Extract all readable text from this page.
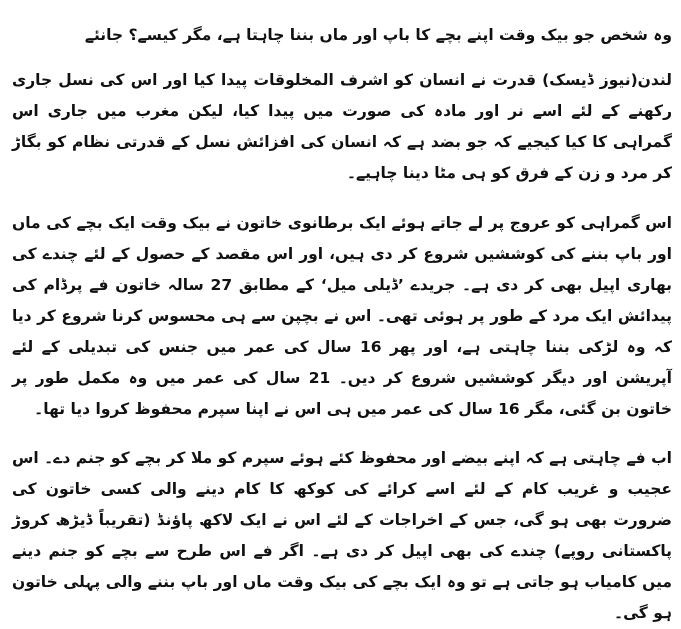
وہ شخص جو بیک وقت اپنے بچے کا باپ اور ماں بننا چاہتا ہے، مگر کیسے؟ جانئے

لندن(نیوز ڈیسک) قدرت نے انسان کو اشرف المخلوقات پیدا کیا اور اس کی نسل جاری رکھنے کے لئے اسے نر اور مادہ کی صورت میں پیدا کیا، لیکن مغرب میں جاری اس گمراہی کا کیا کیجیے کہ جو بضد ہے کہ انسان کی افزائش نسل کے قدرتی نظام کو بگاڑ کر مرد و زن کے فرق کو ہی مٹا دینا چاہیے۔

اس گمراہی کو عروج پر لے جاتے ہوئے ایک برطانوی خاتون نے بیک وقت ایک بچے کی ماں اور باپ بننے کی کوششیں شروع کر دی ہیں، اور اس مقصد کے حصول کے لئے چندے کی بھاری اپیل بھی کر دی ہے۔ جریدے ’ڈیلی میل‘ کے مطابق 27 سالہ خاتون فے پرڈام کی پیدائش ایک مرد کے طور پر ہوئی تھی۔ اس نے بچپن سے ہی محسوس کرنا شروع کر دیا کہ وہ لڑکی بننا چاہتی ہے، اور پھر 16 سال کی عمر میں جنس کی تبدیلی کے لئے آپریشن اور دیگر کوششیں شروع کر دیں۔ 21 سال کی عمر میں وہ مکمل طور پر خاتون بن گئی، مگر 16 سال کی عمر میں ہی اس نے اپنا سپرم محفوظ کروا دیا تھا۔

اب فے چاہتی ہے کہ اپنے بیضے اور محفوظ کئے ہوئے سپرم کو ملا کر بچے کو جنم دے۔ اس عجیب و غریب کام کے لئے اسے کرائے کی کوکھ کا کام دینے والی کسی خاتون کی ضرورت بھی ہو گی، جس کے اخراجات کے لئے اس نے ایک لاکھ پاؤنڈ (تقریباً ڈیڑھ کروڑ پاکستانی روپے) چندے کی بھی اپیل کر دی ہے۔ اگر فے اس طرح سے بچے کو جنم دینے میں کامیاب ہو جاتی ہے تو وہ ایک بچے کی بیک وقت ماں اور باپ بننے والی پہلی خاتون ہو گی۔
